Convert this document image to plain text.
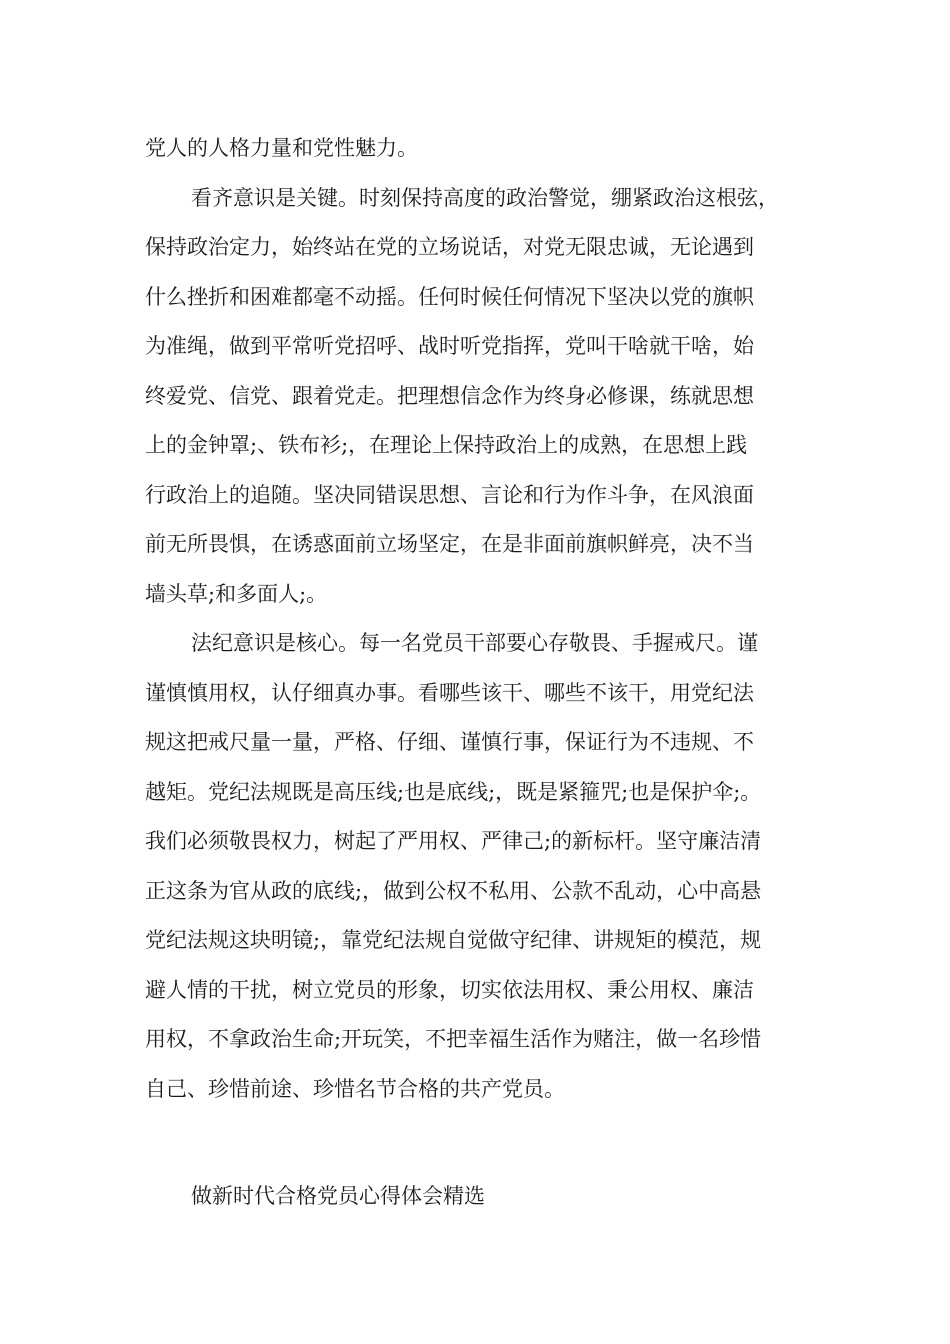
党人的人格力量和党性魅力。
看齐意识是关键。时刻保持高度的政治警觉，绷紧政治这根弦，
保持政治定力，始终站在党的立场说话，对党无限忠诚，无论遇到
什么挫折和困难都毫不动摇。任何时候任何情况下坚决以党的旗帜
为准绳，做到平常听党招呼、战时听党指挥，党叫干啥就干啥，始
终爱党、信党、跟着党走。把理想信念作为终身必修课，练就思想
上的金钟罩;、铁布衫;，在理论上保持政治上的成熟，在思想上践
行政治上的追随。坚决同错误思想、言论和行为作斗争，在风浪面
前无所畏惧，在诱惑面前立场坚定，在是非面前旗帜鲜亮，决不当
墙头草;和多面人;。
法纪意识是核心。每一名党员干部要心存敬畏、手握戒尺。谨
谨慎慎用权，认仔细真办事。看哪些该干、哪些不该干，用党纪法
规这把戒尺量一量，严格、仔细、谨慎行事，保证行为不违规、不
越矩。党纪法规既是高压线;也是底线;，既是紧箍咒;也是保护伞;。
我们必须敬畏权力，树起了严用权、严律己;的新标杆。坚守廉洁清
正这条为官从政的底线;，做到公权不私用、公款不乱动，心中高悬
党纪法规这块明镜;，靠党纪法规自觉做守纪律、讲规矩的模范，规
避人情的干扰，树立党员的形象，切实依法用权、秉公用权、廉洁
用权，不拿政治生命;开玩笑，不把幸福生活作为赌注，做一名珍惜
自己、珍惜前途、珍惜名节合格的共产党员。
做新时代合格党员心得体会精选
